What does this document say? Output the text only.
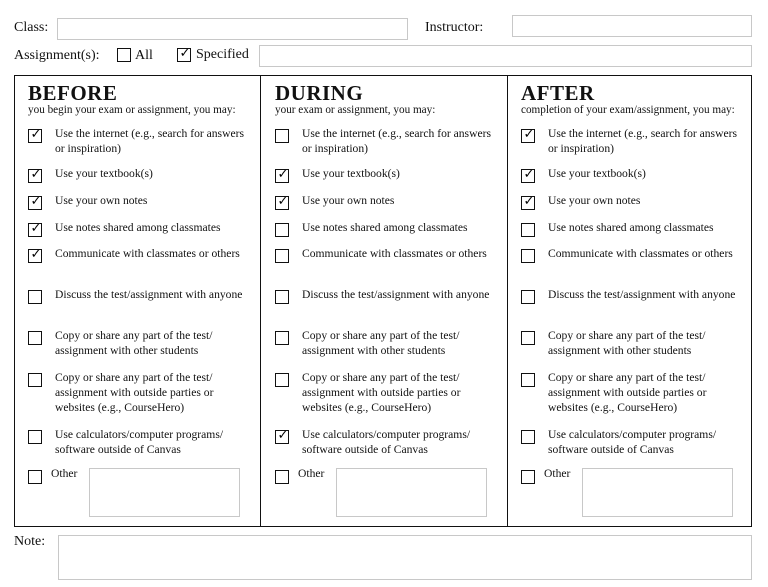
Class:	Instructor:
Assignment(s):	All
✓	Specified
BEFORE
you begin your exam or assignment, you may:
✓
Use the internet (e.g., search for answers or inspiration)
✓
Use your textbook(s)
✓
Use your own notes
✓
Use notes shared among classmates
✓
Communicate with classmates or others
Discuss the test/assignment with anyone
Copy or share any part of the test/ assignment with other students
Copy or share any part of the test/ assignment with outside parties or websites (e.g., CourseHero)
Use calculators/computer programs/ software outside of Canvas
Other
DURING
your exam or assignment, you may:
Use the internet (e.g., search for answers or inspiration)
✓
Use your textbook(s)
✓
Use your own notes
Use notes shared among classmates
Communicate with classmates or others
Discuss the test/assignment with anyone
Copy or share any part of the test/ assignment with other students
Copy or share any part of the test/ assignment with outside parties or websites (e.g., CourseHero)
✓
Use calculators/computer programs/ software outside of Canvas
Other
AFTER
completion of your exam/assignment, you may:
✓
Use the internet (e.g., search for answers or inspiration)
✓
Use your textbook(s)
✓
Use your own notes
Use notes shared among classmates
Communicate with classmates or others
Discuss the test/assignment with anyone
Copy or share any part of the test/ assignment with other students
Copy or share any part of the test/ assignment with outside parties or websites (e.g., CourseHero)
Use calculators/computer programs/ software outside of Canvas
Other
Note:
